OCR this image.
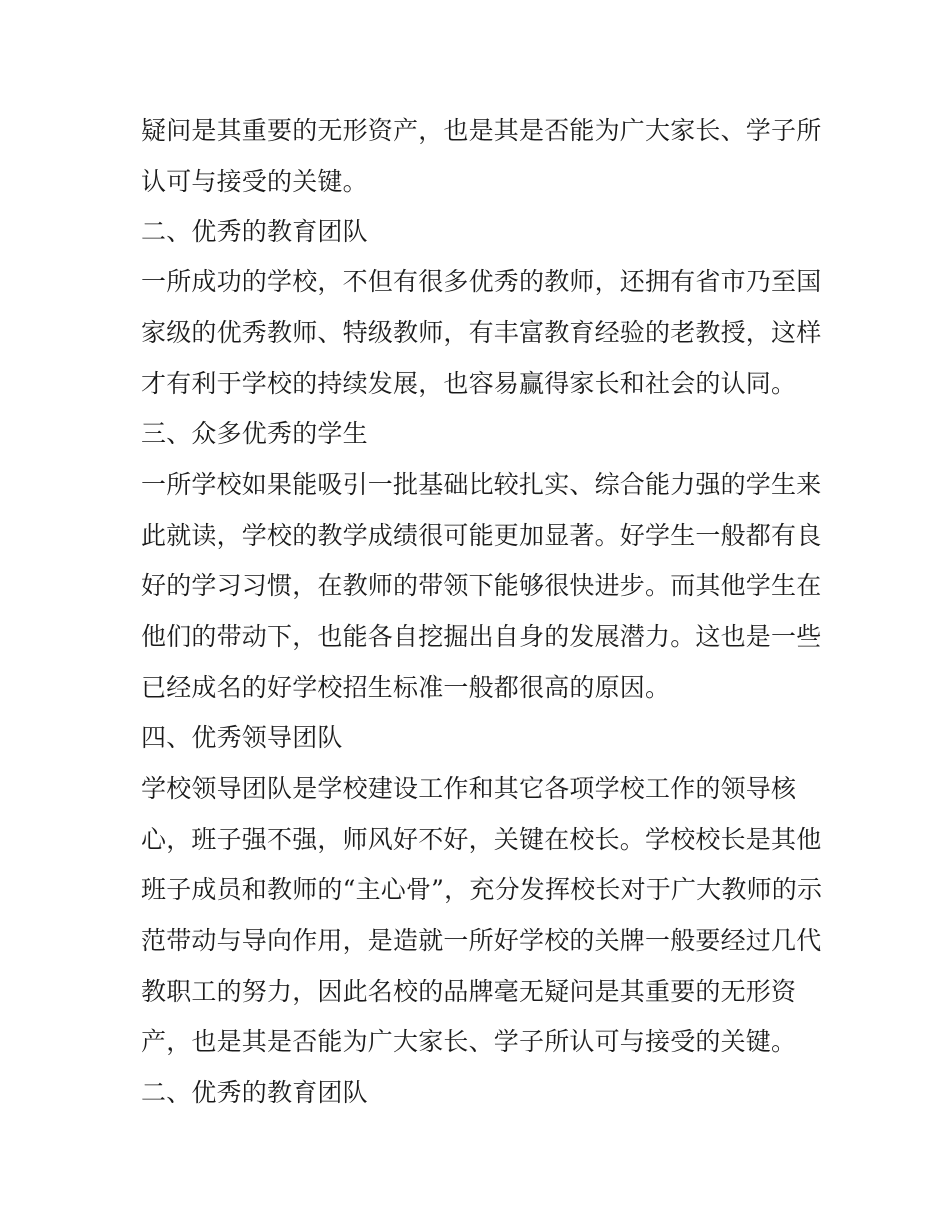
疑问是其重要的无形资产，也是其是否能为广大家长、学子所
认可与接受的关键。
二、优秀的教育团队
一所成功的学校，不但有很多优秀的教师，还拥有省市乃至国
家级的优秀教师、特级教师，有丰富教育经验的老教授，这样
才有利于学校的持续发展，也容易赢得家长和社会的认同。
三、众多优秀的学生
一所学校如果能吸引一批基础比较扎实、综合能力强的学生来
此就读，学校的教学成绩很可能更加显著。好学生一般都有良
好的学习习惯，在教师的带领下能够很快进步。而其他学生在
他们的带动下，也能各自挖掘出自身的发展潜力。这也是一些
已经成名的好学校招生标准一般都很高的原因。
四、优秀领导团队
学校领导团队是学校建设工作和其它各项学校工作的领导核
心，班子强不强，师风好不好，关键在校长。学校校长是其他
班子成员和教师的“主心骨”，充分发挥校长对于广大教师的示
范带动与导向作用，是造就一所好学校的关牌一般要经过几代
教职工的努力，因此名校的品牌毫无疑问是其重要的无形资
产，也是其是否能为广大家长、学子所认可与接受的关键。
二、优秀的教育团队
